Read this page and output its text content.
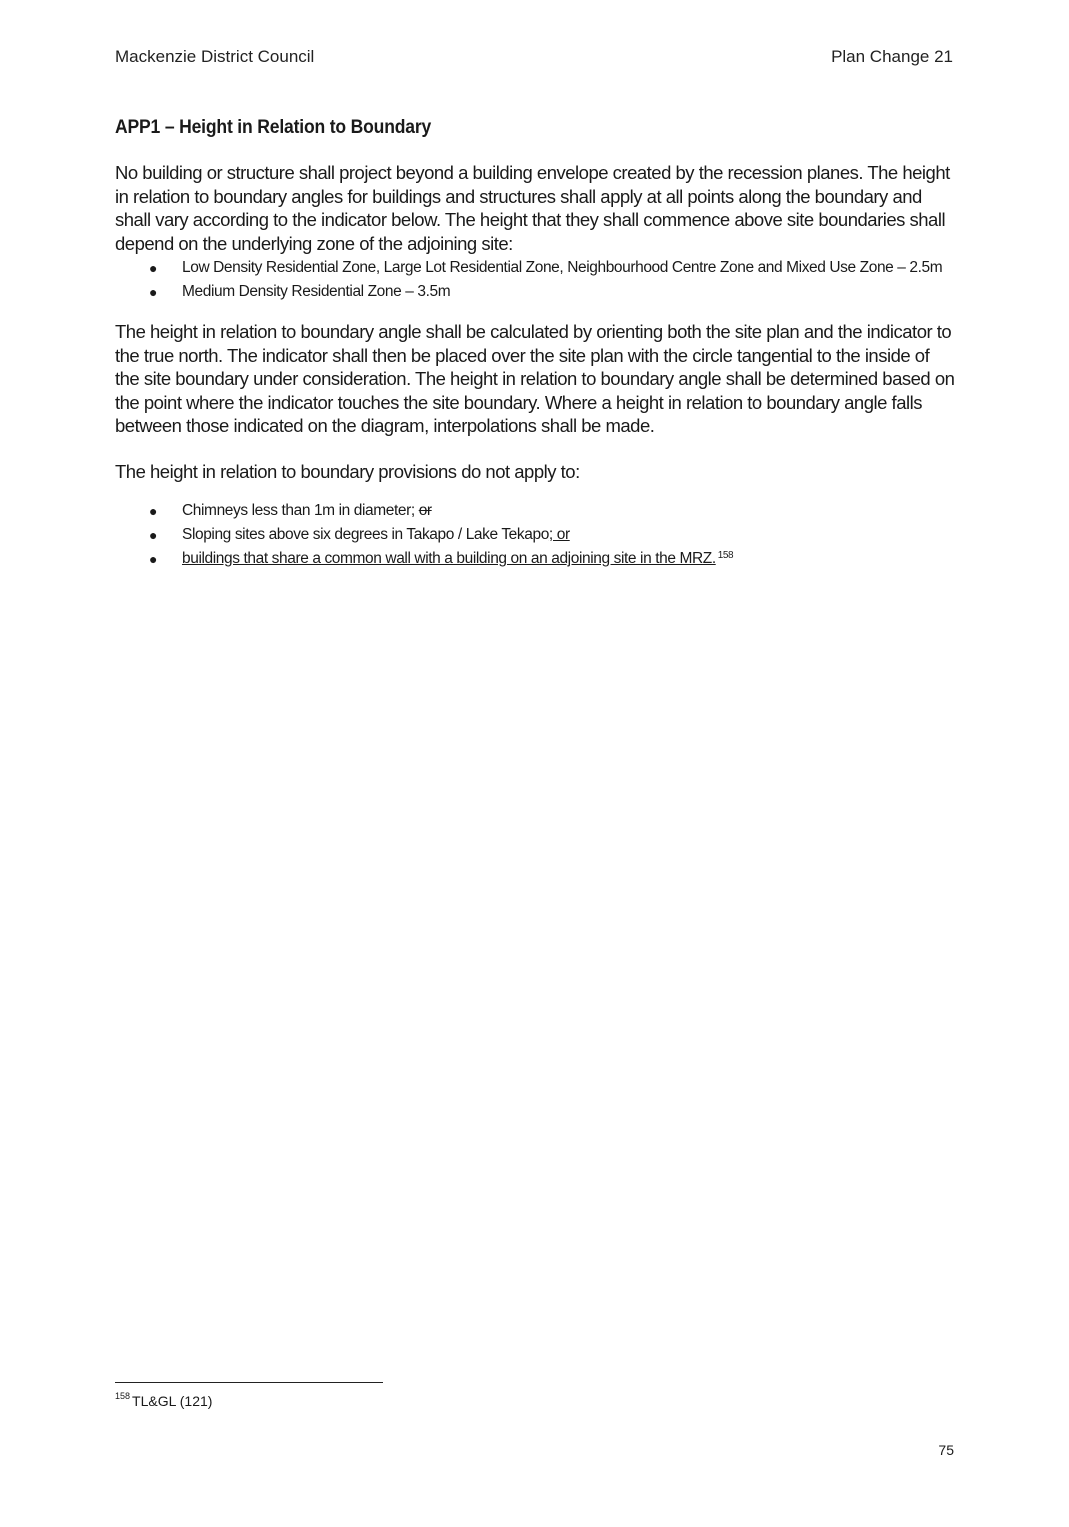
Mackenzie District Council	Plan Change 21
APP1 – Height in Relation to Boundary

No building or structure shall project beyond a building envelope created by the recession planes. The height in relation to boundary angles for buildings and structures shall apply at all points along the boundary and shall vary according to the indicator below. The height that they shall commence above site boundaries shall depend on the underlying zone of the adjoining site:

● Low Density Residential Zone, Large Lot Residential Zone, Neighbourhood Centre Zone and Mixed Use Zone – 2.5m
● Medium Density Residential Zone – 3.5m

The height in relation to boundary angle shall be calculated by orienting both the site plan and the indicator to the true north. The indicator shall then be placed over the site plan with the circle tangential to the inside of
the site boundary under consideration. The height in relation to boundary angle shall be determined based on the point where the indicator touches the site boundary. Where a height in relation to boundary angle falls between those indicated on the diagram, interpolations shall be made.

The height in relation to boundary provisions do not apply to:

● Chimneys less than 1m in diameter; or
● Sloping sites above six degrees in Takapo / Lake Tekapo; or
● buildings that share a common wall with a building on an adjoining site in the MRZ. $^{158}$
$^{158}$ TL&GL (121)
75
